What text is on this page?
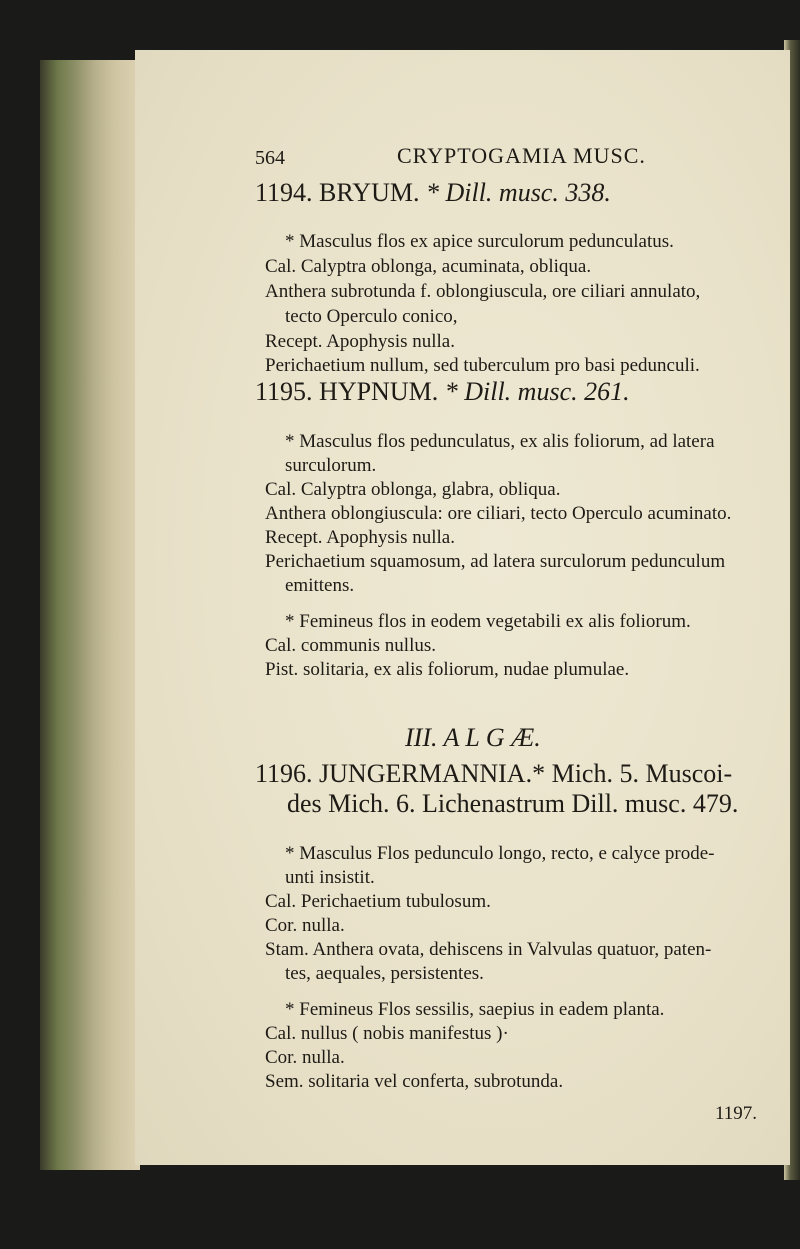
564	CRYPTOGAMIA MUSC.
1194. BRYUM. * Dill. musc. 338.
* Masculus flos ex apice surculorum pedunculatus.
Cal. Calyptra oblonga, acuminata, obliqua.
Anthera subrotunda f. oblongiuscula, ore ciliari annulato,
tecto Operculo conico,
Recept. Apophysis nulla.
Perichaetium nullum, sed tuberculum pro basi pedunculi.
1195. HYPNUM. * Dill. musc. 261.
* Masculus flos pedunculatus, ex alis foliorum, ad latera
surculorum.
Cal. Calyptra oblonga, glabra, obliqua.
Anthera oblongiuscula: ore ciliari, tecto Operculo acuminato.
Recept. Apophysis nulla.
Perichaetium squamosum, ad latera surculorum pedunculum
emittens.
* Femineus flos in eodem vegetabili ex alis foliorum.
Cal. communis nullus.
Pist. solitaria, ex alis foliorum, nudae plumulae.
III. A L G Æ.
1196. JUNGERMANNIA.* Mich. 5. Muscoi-
des Mich. 6. Lichenastrum Dill. musc. 479.
* Masculus Flos pedunculo longo, recto, e calyce prode-
unti insistit.
Cal. Perichaetium tubulosum.
Cor. nulla.
Stam. Anthera ovata, dehiscens in Valvulas quatuor, paten-
tes, aequales, persistentes.
* Femineus Flos sessilis, saepius in eadem planta.
Cal. nullus ( nobis manifestus )·
Cor. nulla.
Sem. solitaria vel conferta, subrotunda.
1197.
